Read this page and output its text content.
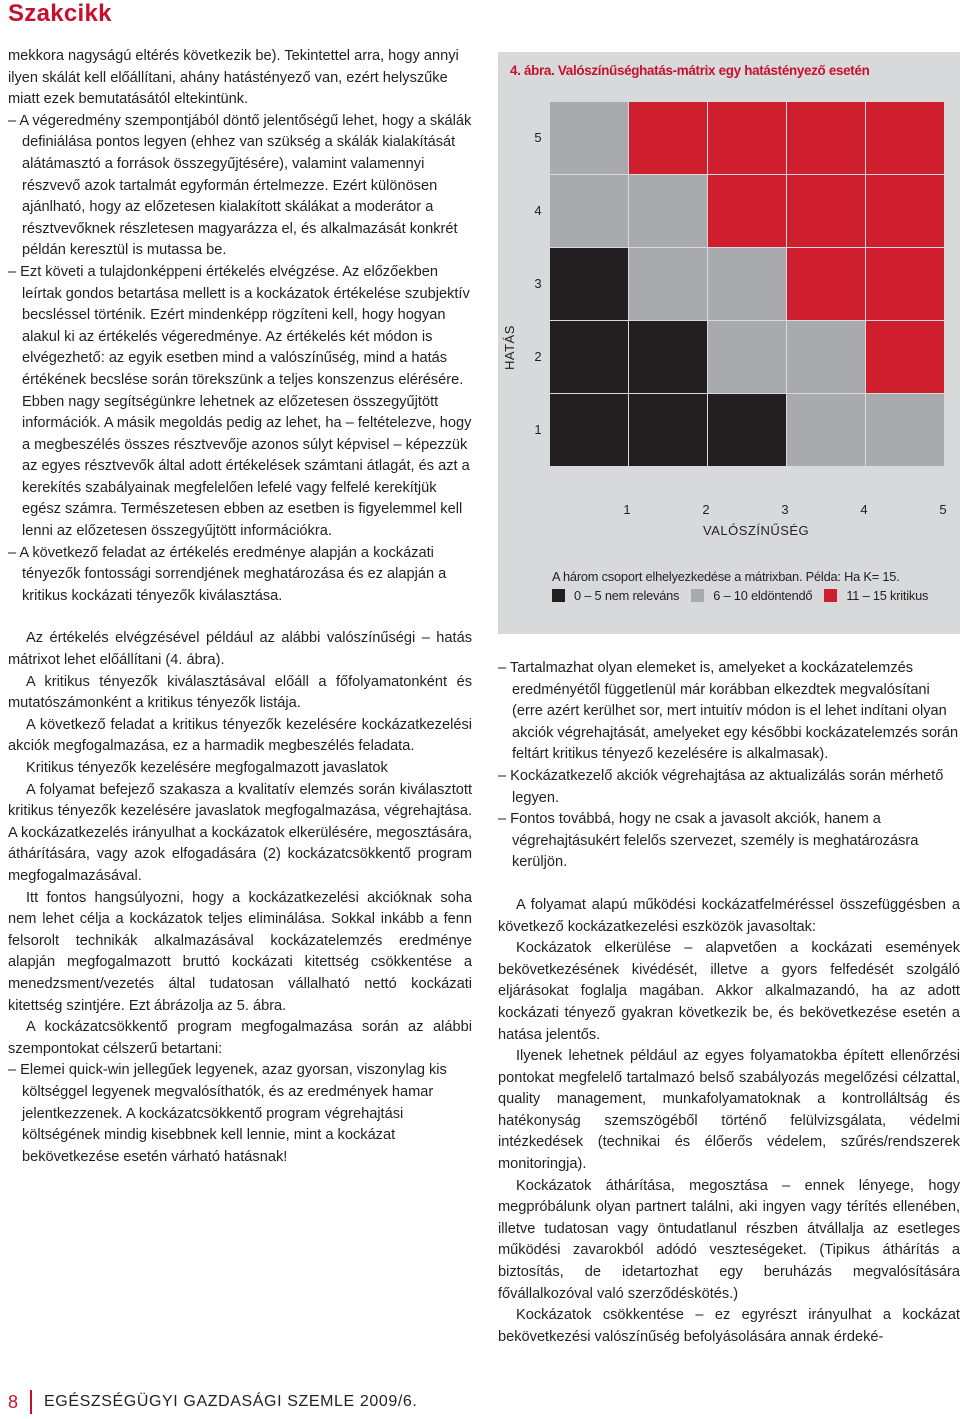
Szakcikk
mekkora nagyságú eltérés következik be). Tekintettel arra, hogy annyi ilyen skálát kell előállítani, ahány hatástényező van, ezért helyszűke miatt ezek bemutatásától eltekintünk.
– A végeredmény szempontjából döntő jelentőségű lehet, hogy a skálák definiálása pontos legyen (ehhez van szükség a skálák kialakítását alátámasztó a források összegyűjtésére), valamint valamennyi részvevő azok tartalmát egyformán értelmezze. Ezért különösen ajánlható, hogy az előzetesen kialakított skálákat a moderátor a résztvevőknek részletesen magyarázza el, és alkalmazását konkrét példán keresztül is mutassa be.
– Ezt követi a tulajdonképpeni értékelés elvégzése. Az előzőekben leírtak gondos betartása mellett is a kockázatok értékelése szubjektív becsléssel történik. Ezért mindenképp rögzíteni kell, hogy hogyan alakul ki az értékelés végeredménye. Az értékelés két módon is elvégezhető: az egyik esetben mind a valószínűség, mind a hatás értékének becslése során törekszünk a teljes konszenzus elérésére. Ebben nagy segítségünkre lehetnek az előzetesen összegyűjtött információk. A másik megoldás pedig az lehet, ha – feltételezve, hogy a megbeszélés összes résztvevője azonos súlyt képvisel – képezzük az egyes résztvevők által adott értékelések számtani átlagát, és azt a kerekítés szabályainak megfelelően lefelé vagy felfelé kerekítjük egész számra. Természetesen ebben az esetben is figyelemmel kell lenni az előzetesen összegyűjtött információkra.
– A következő feladat az értékelés eredménye alapján a kockázati tényezők fontossági sorrendjének meghatározása és ez alapján a kritikus kockázati tényezők kiválasztása.
Az értékelés elvégzésével például az alábbi valószínűségi – hatás mátrixot lehet előállítani (4. ábra).
A kritikus tényezők kiválasztásával előáll a főfolyamatonként és mutatószámonként a kritikus tényezők listája.
A következő feladat a kritikus tényezők kezelésére kockázatkezelési akciók megfogalmazása, ez a harmadik megbeszélés feladata.
Kritikus tényezők kezelésére megfogalmazott javaslatok
A folyamat befejező szakasza a kvalitatív elemzés során kiválasztott kritikus tényezők kezelésére javaslatok megfogalmazása, végrehajtása. A kockázatkezelés irányulhat a kockázatok elkerülésére, megosztására, áthárítására, vagy azok elfogadására (2) kockázatcsökkentő program megfogalmazásával.
Itt fontos hangsúlyozni, hogy a kockázatkezelési akcióknak soha nem lehet célja a kockázatok teljes eliminálása. Sokkal inkább a fenn felsorolt technikák alkalmazásával kockázatelemzés eredménye alapján megfogalmazott bruttó kockázati kitettség csökkentése a menedzsment/vezetés által tudatosan vállalható nettó kockázati kitettség szintjére. Ezt ábrázolja az 5. ábra.
A kockázatcsökkentő program megfogalmazása során az alábbi szempontokat célszerű betartani:
– Elemei quick-win jellegűek legyenek, azaz gyorsan, viszonylag kis költséggel legyenek megvalósíthatók, és az eredmények hamar jelentkezzenek. A kockázatcsökkentő program végrehajtási költségének mindig kisebbnek kell lennie, mint a kockázat bekövetkezése esetén várható hatásnak!
4. ábra. Valószínűséghatás-mátrix egy hatástényező esetén
HATÁS
5
4
3
2
1
1	2	3	4	5
VALÓSZÍNŰSÉG
A három csoport elhelyezkedése a mátrixban. Példa: Ha K= 15.
0 – 5 nem releváns	6 – 10 eldöntendő	11 – 15 kritikus
– Tartalmazhat olyan elemeket is, amelyeket a kockázatelemzés eredményétől függetlenül már korábban elkezdtek megvalósítani (erre azért kerülhet sor, mert intuitív módon is el lehet indítani olyan akciók végrehajtását, amelyeket egy későbbi kockázatelemzés során feltárt kritikus tényező kezelésére is alkalmasak).
– Kockázatkezelő akciók végrehajtása az aktualizálás során mérhető legyen.
– Fontos továbbá, hogy ne csak a javasolt akciók, hanem a végrehajtásukért felelős szervezet, személy is meghatározásra kerüljön.
A folyamat alapú működési kockázatfelméréssel összefüggésben a következő kockázatkezelési eszközök javasoltak:
Kockázatok elkerülése – alapvetően a kockázati események bekövetkezésének kivédését, illetve a gyors felfedését szolgáló eljárásokat foglalja magában. Akkor alkalmazandó, ha az adott kockázati tényező gyakran következik be, és bekövetkezése esetén a hatása jelentős.
Ilyenek lehetnek például az egyes folyamatokba épített ellenőrzési pontokat megfelelő tartalmazó belső szabályozás megelőzési célzattal, quality management, munkafolyamatoknak a kontrolláltság és hatékonyság szemszögéből történő felülvizsgálata, védelmi intézkedések (technikai és élőerős védelem, szűrés/rendszerek monitoringja).
Kockázatok áthárítása, megosztása – ennek lényege, hogy megpróbálunk olyan partnert találni, aki ingyen vagy térítés ellenében, illetve tudatosan vagy öntudatlanul részben átvállalja az esetleges működési zavarokból adódó veszteségeket. (Tipikus áthárítás a biztosítás, de idetartozhat egy beruházás megvalósítására fővállalkozóval való szerződéskötés.)
Kockázatok csökkentése – ez egyrészt irányulhat a kockázat bekövetkezési valószínűség befolyásolására annak érdeké-
8 EGÉSZSÉGÜGYI GAZDASÁGI SZEMLE 2009/6.
